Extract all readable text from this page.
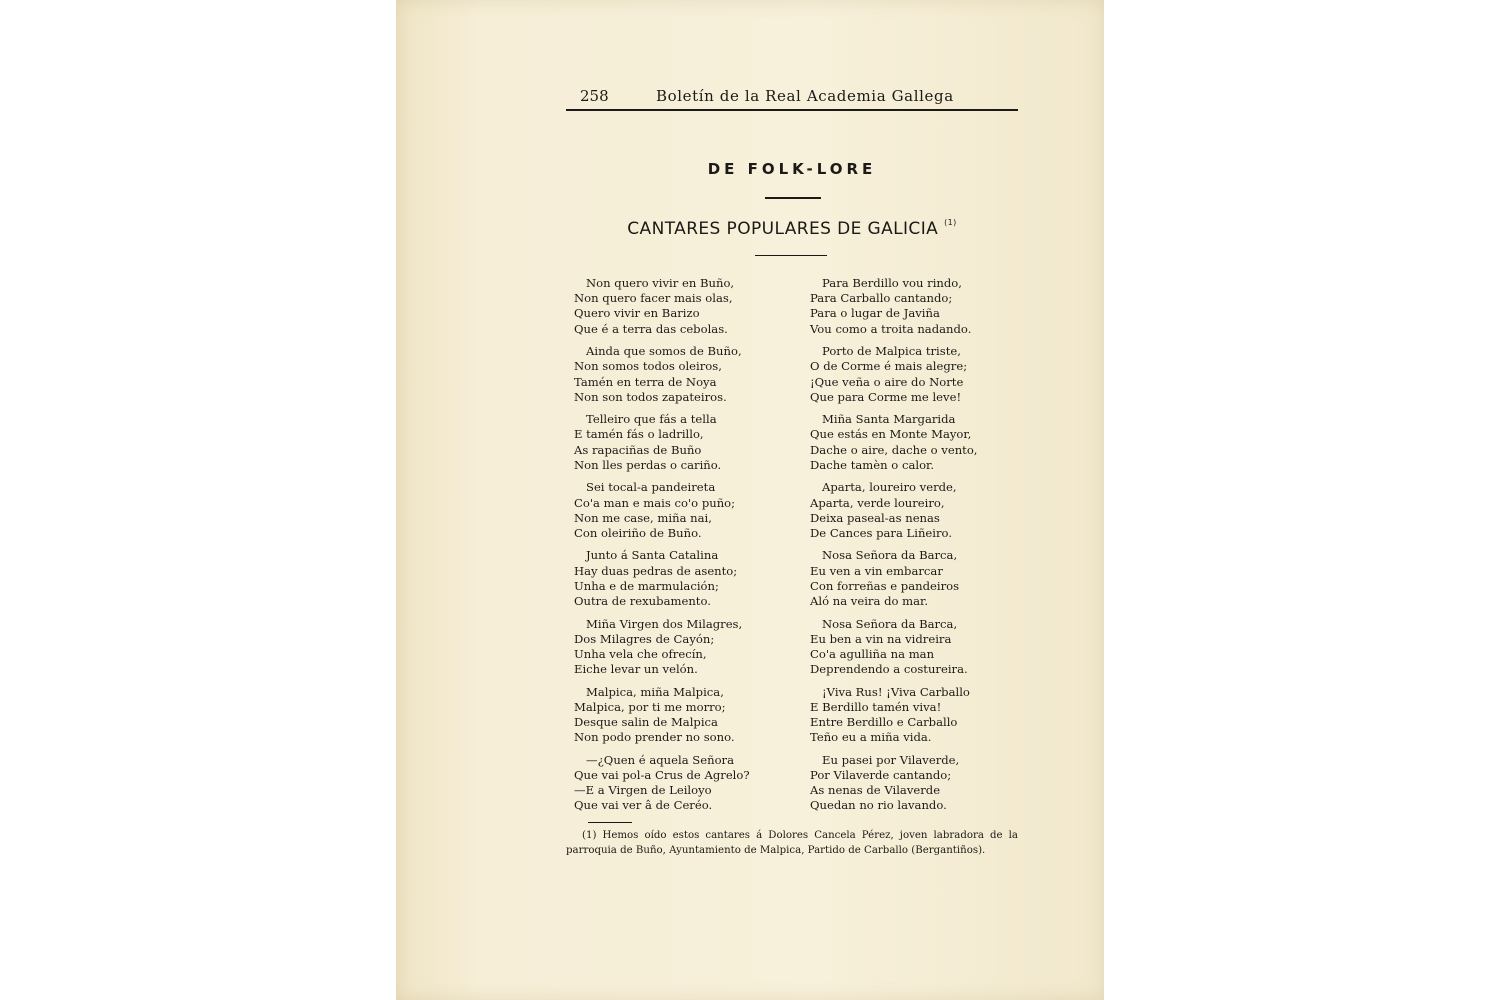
258	Boletín de la Real Academia Gallega
DE FOLK-LORE
CANTARES POPULARES DE GALICIA $^{(1)}$
Non quero vivir en Buño,
Non quero facer mais olas,
Quero vivir en Barizo
Que é a terra das cebolas.
Ainda que somos de Buño,
Non somos todos oleiros,
Tamén en terra de Noya
Non son todos zapateiros.
Telleiro que fás a tella
E tamén fás o ladrillo,
As rapaciñas de Buño
Non lles perdas o cariño.
Sei tocal-a pandeireta
Co'a man e mais co'o puño;
Non me case, miña nai,
Con oleiriño de Buño.
Junto á Santa Catalina
Hay duas pedras de asento;
Unha e de marmulación;
Outra de rexubamento.
Miña Virgen dos Milagres,
Dos Milagres de Cayón;
Unha vela che ofrecín,
Eiche levar un velón.
Malpica, miña Malpica,
Malpica, por ti me morro;
Desque salin de Malpica
Non podo prender no sono.
—¿Quen é aquela Señora
Que vai pol-a Crus de Agrelo?
—E a Virgen de Leiloyo
Que vai ver â de Ceréo.
Para Berdillo vou rindo,
Para Carballo cantando;
Para o lugar de Javiña
Vou como a troita nadando.
Porto de Malpica triste,
O de Corme é mais alegre;
¡Que veña o aire do Norte
Que para Corme me leve!
Miña Santa Margarida
Que estás en Monte Mayor,
Dache o aire, dache o vento,
Dache tamèn o calor.
Aparta, loureiro verde,
Aparta, verde loureiro,
Deixa paseal-as nenas
De Cances para Liñeiro.
Nosa Señora da Barca,
Eu ven a vin embarcar
Con forreñas e pandeiros
Aló na veira do mar.
Nosa Señora da Barca,
Eu ben a vin na vidreira
Co'a agulliña na man
Deprendendo a costureira.
¡Viva Rus! ¡Viva Carballo
E Berdillo tamén viva!
Entre Berdillo e Carballo
Teño eu a miña vida.
Eu pasei por Vilaverde,
Por Vilaverde cantando;
As nenas de Vilaverde
Quedan no rio lavando.
(1) Hemos oído estos cantares á Dolores Cancela Pérez, joven labradora de la parroquia de Buño, Ayuntamiento de Malpica, Partido de Carballo (Bergantiños).
